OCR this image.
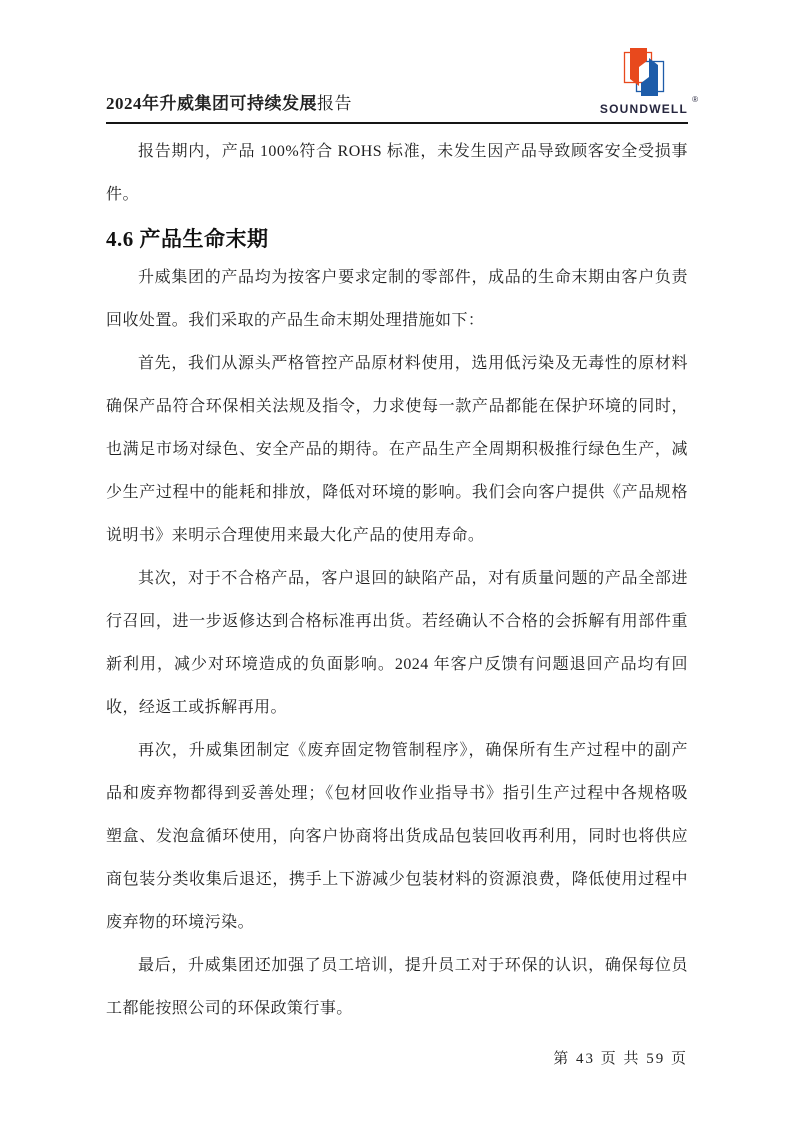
2024年升威集团可持续发展报告	SOUNDWELL
®

报告期内，产品 100%符合 ROHS 标准，未发生因产品导致顾客安全受损事件。

4.6 产品生命末期

升威集团的产品均为按客户要求定制的零部件，成品的生命末期由客户负责回收处置。我们采取的产品生命末期处理措施如下：

首先，我们从源头严格管控产品原材料使用，选用低污染及无毒性的原材料确保产品符合环保相关法规及指令，力求使每一款产品都能在保护环境的同时，也满足市场对绿色、安全产品的期待。在产品生产全周期积极推行绿色生产，减少生产过程中的能耗和排放，降低对环境的影响。我们会向客户提供《产品规格说明书》来明示合理使用来最大化产品的使用寿命。

其次，对于不合格产品，客户退回的缺陷产品，对有质量问题的产品全部进行召回，进一步返修达到合格标准再出货。若经确认不合格的会拆解有用部件重新利用，减少对环境造成的负面影响。2024 年客户反馈有问题退回产品均有回收，经返工或拆解再用。

再次，升威集团制定《废弃固定物管制程序》，确保所有生产过程中的副产品和废弃物都得到妥善处理；《包材回收作业指导书》指引生产过程中各规格吸塑盒、发泡盒循环使用，向客户协商将出货成品包装回收再利用，同时也将供应商包装分类收集后退还，携手上下游减少包装材料的资源浪费，降低使用过程中废弃物的环境污染。

最后，升威集团还加强了员工培训，提升员工对于环保的认识，确保每位员工都能按照公司的环保政策行事。

第 43 页 共 59 页
